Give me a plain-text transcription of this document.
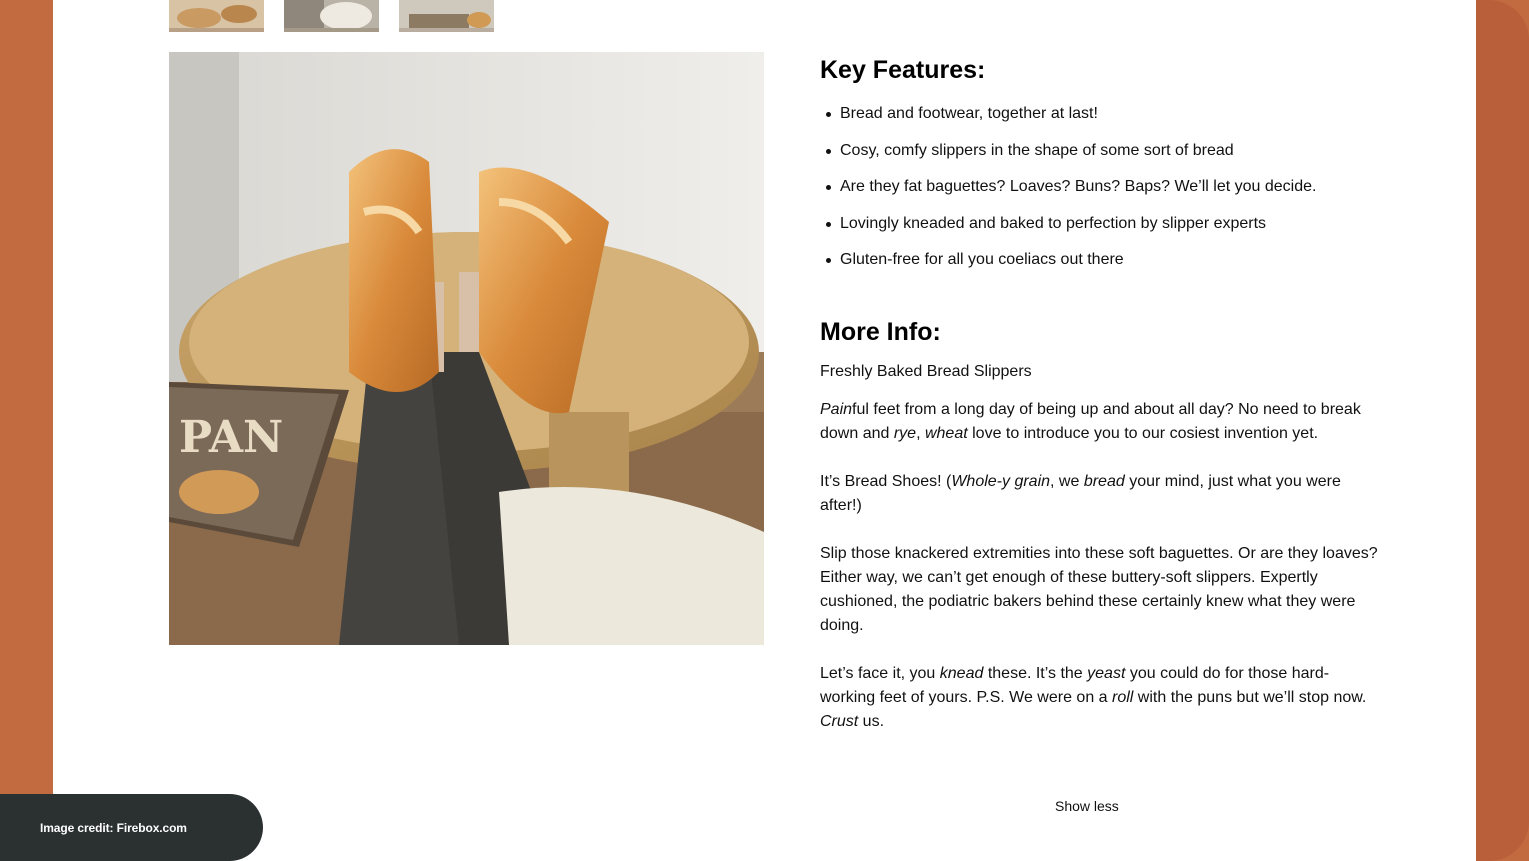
PAN
Key Features:
Bread and footwear, together at last!
Cosy, comfy slippers in the shape of some sort of bread
Are they fat baguettes? Loaves? Buns? Baps? We’ll let you decide.
Lovingly kneaded and baked to perfection by slipper experts
Gluten-free for all you coeliacs out there
More Info:

Freshly Baked Bread Slippers

Painful feet from a long day of being up and about all day? No need to break down and rye, wheat love to introduce you to our cosiest invention yet.

It’s Bread Shoes! (Whole-y grain, we bread your mind, just what you were after!)

Slip those knackered extremities into these soft baguettes. Or are they loaves? Either way, we can’t get enough of these buttery-soft slippers. Expertly cushioned, the podiatric bakers behind these certainly knew what they were doing.

Let’s face it, you knead these. It’s the yeast you could do for those hard-working feet of yours. P.S. We were on a roll with the puns but we’ll stop now. Crust us.

Show less
Image credit: Firebox.com
